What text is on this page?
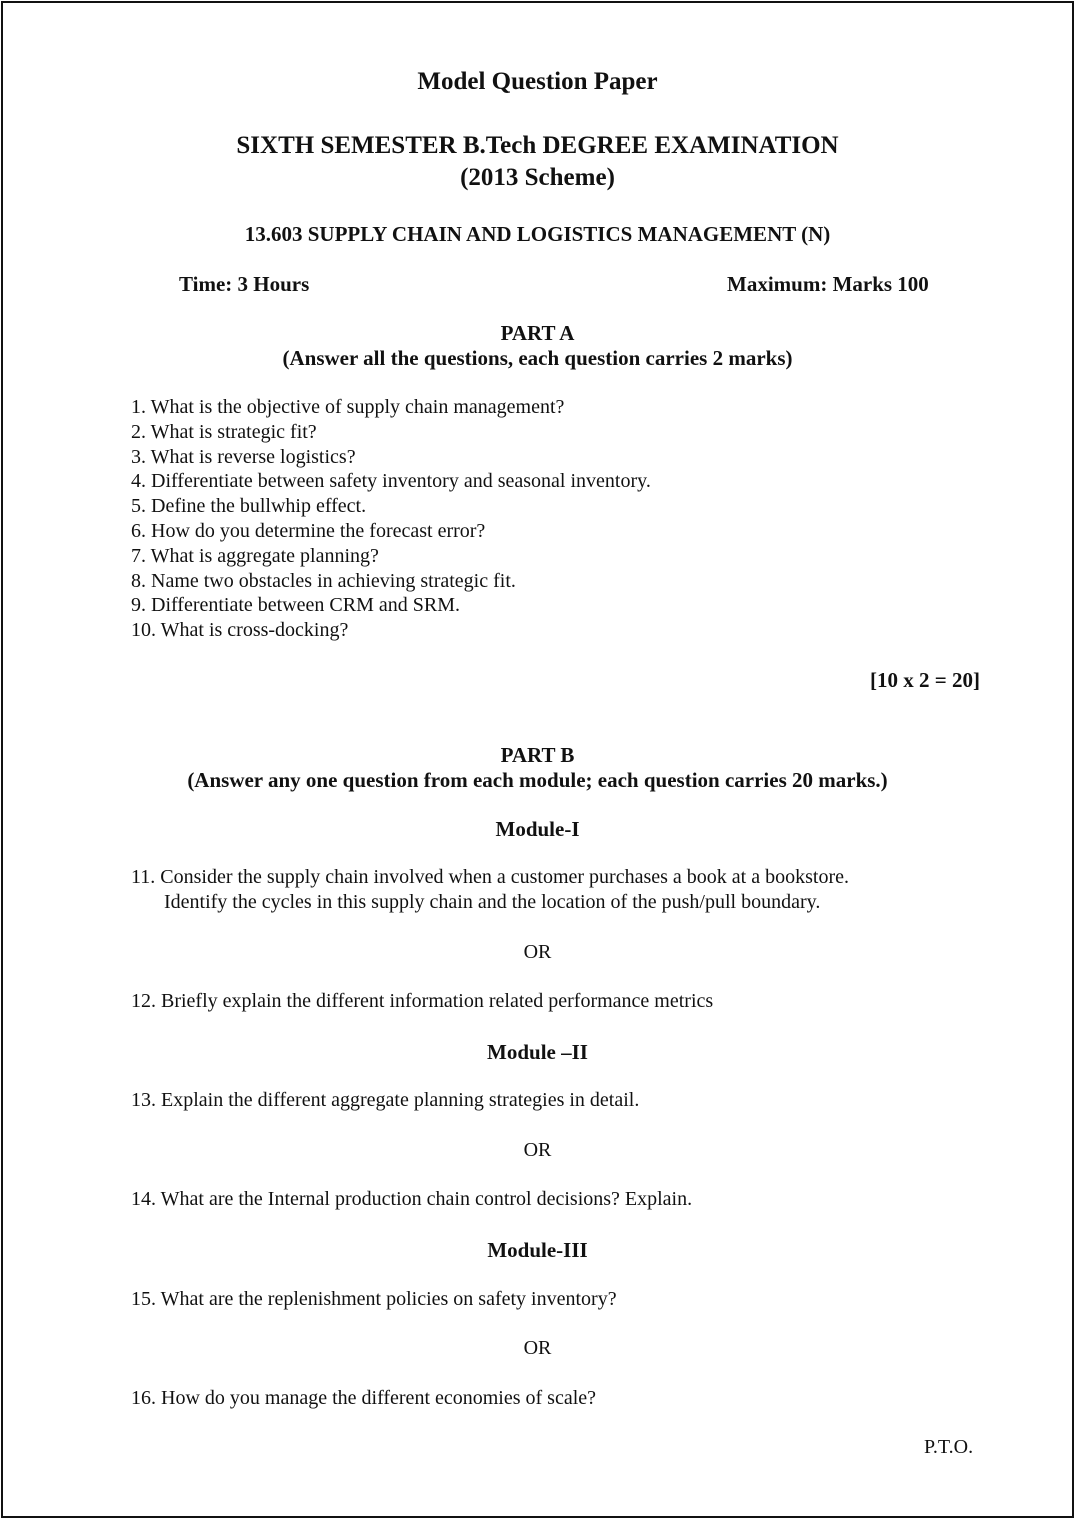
Model Question Paper
SIXTH SEMESTER B.Tech DEGREE EXAMINATION
(2013 Scheme)
13.603 SUPPLY CHAIN AND LOGISTICS MANAGEMENT (N)
Time: 3 Hours	Maximum: Marks 100
PART A
(Answer all the questions, each question carries 2 marks)
1. What is the objective of supply chain management?
2. What is strategic fit?
3. What is reverse logistics?
4. Differentiate between safety inventory and seasonal inventory.
5. Define the bullwhip effect.
6. How do you determine the forecast error?
7. What is aggregate planning?
8. Name two obstacles in achieving strategic fit.
9. Differentiate between CRM and SRM.
10. What is cross-docking?
[10 x 2 = 20]
PART B
(Answer any one question from each module; each question carries 20 marks.)
Module-I
11. Consider the supply chain involved when a customer purchases a book at a bookstore.
Identify the cycles in this supply chain and the location of the push/pull boundary.
OR
12. Briefly explain the different information related performance metrics
Module –II
13. Explain the different aggregate planning strategies in detail.
OR
14. What are the Internal production chain control decisions? Explain.
Module-III
15. What are the replenishment policies on safety inventory?
OR
16. How do you manage the different economies of scale?
P.T.O.
